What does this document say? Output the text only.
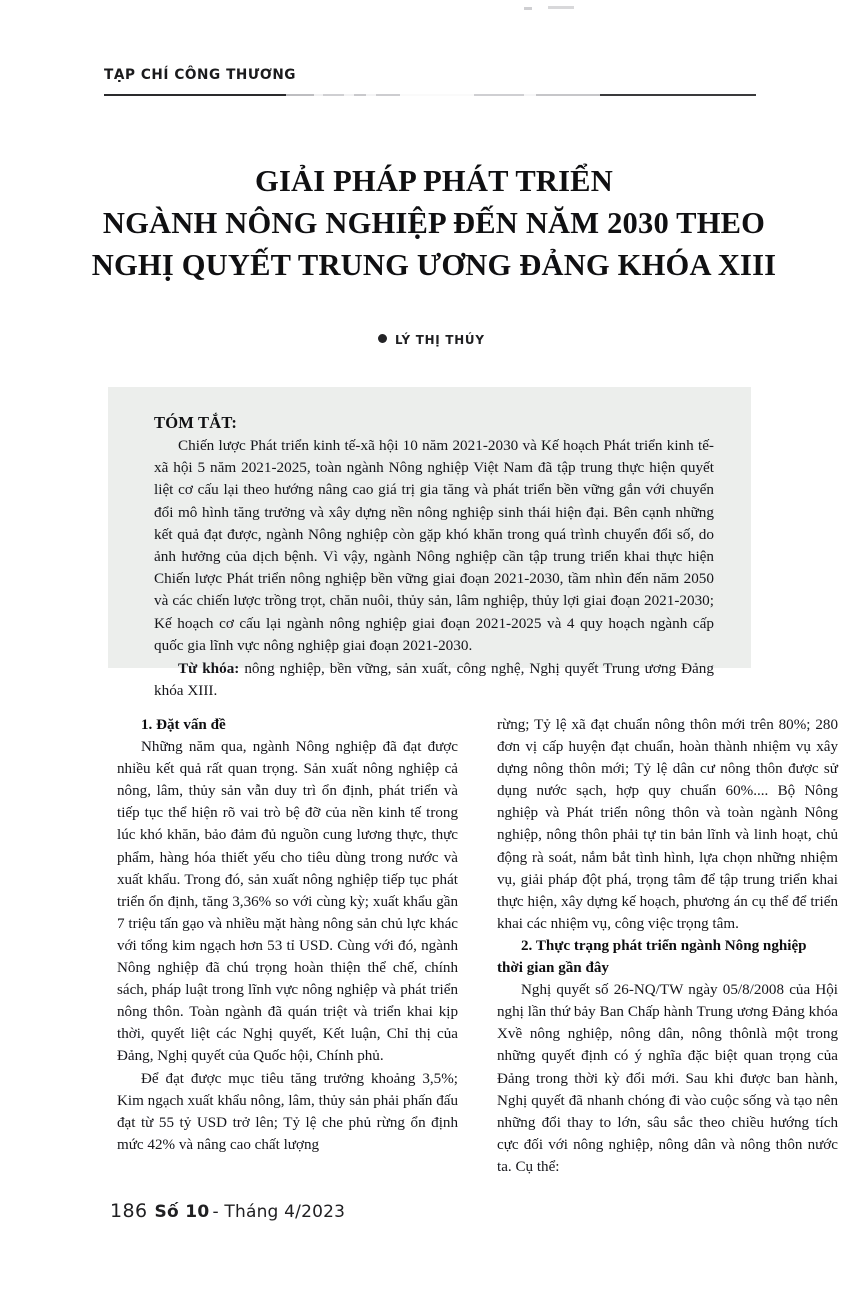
TẠP CHÍ CÔNG THƯƠNG
GIẢI PHÁP PHÁT TRIỂN
NGÀNH NÔNG NGHIỆP ĐẾN NĂM 2030 THEO
NGHỊ QUYẾT TRUNG ƯƠNG ĐẢNG KHÓA XIII
LÝ THỊ THÚY
TÓM TẮT:

Chiến lược Phát triển kinh tế-xã hội 10 năm 2021-2030 và Kế hoạch Phát triển kinh tế-xã hội 5 năm 2021-2025, toàn ngành Nông nghiệp Việt Nam đã tập trung thực hiện quyết liệt cơ cấu lại theo hướng nâng cao giá trị gia tăng và phát triển bền vững gắn với chuyển đổi mô hình tăng trưởng và xây dựng nền nông nghiệp sinh thái hiện đại. Bên cạnh những kết quả đạt được, ngành Nông nghiệp còn gặp khó khăn trong quá trình chuyển đổi số, do ảnh hưởng của dịch bệnh. Vì vậy, ngành Nông nghiệp cần tập trung triển khai thực hiện Chiến lược Phát triển nông nghiệp bền vững giai đoạn 2021-2030, tầm nhìn đến năm 2050 và các chiến lược trồng trọt, chăn nuôi, thủy sản, lâm nghiệp, thủy lợi giai đoạn 2021-2030; Kế hoạch cơ cấu lại ngành nông nghiệp giai đoạn 2021-2025 và 4 quy hoạch ngành cấp quốc gia lĩnh vực nông nghiệp giai đoạn 2021-2030.

Từ khóa: nông nghiệp, bền vững, sản xuất, công nghệ, Nghị quyết Trung ương Đảng khóa XIII.

1. Đặt vấn đề

Những năm qua, ngành Nông nghiệp đã đạt được nhiều kết quả rất quan trọng. Sản xuất nông nghiệp cả nông, lâm, thủy sản vẫn duy trì ổn định, phát triển và tiếp tục thể hiện rõ vai trò bệ đỡ của nền kinh tế trong lúc khó khăn, bảo đảm đủ nguồn cung lương thực, thực phẩm, hàng hóa thiết yếu cho tiêu dùng trong nước và xuất khẩu. Trong đó, sản xuất nông nghiệp tiếp tục phát triển ổn định, tăng 3,36% so với cùng kỳ; xuất khẩu gần 7 triệu tấn gạo và nhiều mặt hàng nông sản chủ lực khác với tổng kim ngạch hơn 53 tỉ USD. Cùng với đó, ngành Nông nghiệp đã chú trọng hoàn thiện thể chế, chính sách, pháp luật trong lĩnh vực nông nghiệp và phát triển nông thôn. Toàn ngành đã quán triệt và triển khai kịp thời, quyết liệt các Nghị quyết, Kết luận, Chỉ thị của Đảng, Nghị quyết của Quốc hội, Chính phủ.

Để đạt được mục tiêu tăng trưởng khoảng 3,5%; Kim ngạch xuất khẩu nông, lâm, thủy sản phải phấn đấu đạt từ 55 tỷ USD trở lên; Tỷ lệ che phủ rừng ổn định mức 42% và nâng cao chất lượng

rừng; Tỷ lệ xã đạt chuẩn nông thôn mới trên 80%; 280 đơn vị cấp huyện đạt chuẩn, hoàn thành nhiệm vụ xây dựng nông thôn mới; Tỷ lệ dân cư nông thôn được sử dụng nước sạch, hợp quy chuẩn 60%.... Bộ Nông nghiệp và Phát triển nông thôn và toàn ngành Nông nghiệp, nông thôn phải tự tin bản lĩnh và linh hoạt, chủ động rà soát, nắm bắt tình hình, lựa chọn những nhiệm vụ, giải pháp đột phá, trọng tâm để tập trung triển khai thực hiện, xây dựng kế hoạch, phương án cụ thể để triển khai các nhiệm vụ, công việc trọng tâm.

2. Thực trạng phát triển ngành Nông nghiệp

thời gian gần đây

Nghị quyết số 26-NQ/TW ngày 05/8/2008 của Hội nghị lần thứ bảy Ban Chấp hành Trung ương Đảng khóa Xvề nông nghiệp, nông dân, nông thônlà một trong những quyết định có ý nghĩa đặc biệt quan trọng của Đảng trong thời kỳ đổi mới. Sau khi được ban hành, Nghị quyết đã nhanh chóng đi vào cuộc sống và tạo nên những đổi thay to lớn, sâu sắc theo chiều hướng tích cực đối với nông nghiệp, nông dân và nông thôn nước ta. Cụ thể:

186 Số 10 - Tháng 4/2023
